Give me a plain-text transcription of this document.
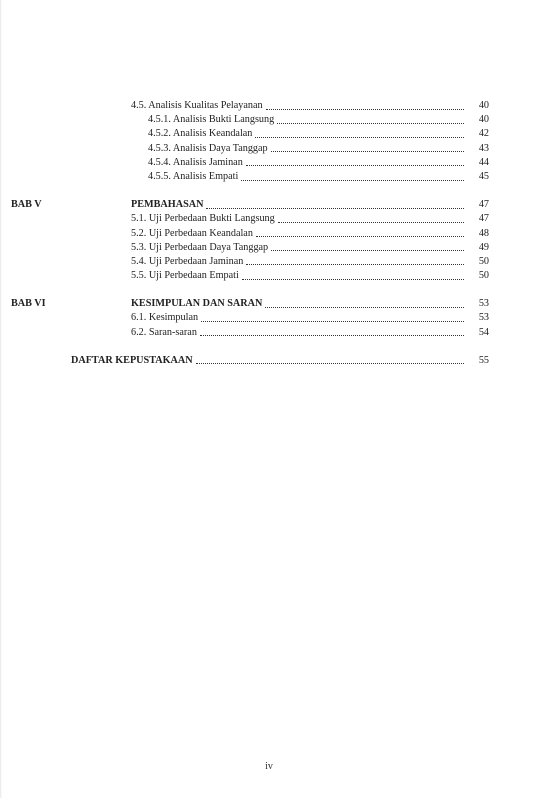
4.5. Analisis Kualitas Pelayanan	40
4.5.1. Analisis Bukti Langsung	40
4.5.2. Analisis Keandalan	42
4.5.3. Analisis Daya Tanggap	43
4.5.4. Analisis Jaminan	44
4.5.5. Analisis Empati	45
BAB V	PEMBAHASAN	47
5.1. Uji Perbedaan Bukti Langsung	47
5.2. Uji Perbedaan Keandalan	48
5.3. Uji Perbedaan Daya Tanggap	49
5.4. Uji Perbedaan Jaminan	50
5.5. Uji Perbedaan Empati	50
BAB VI	KESIMPULAN DAN SARAN	53
6.1. Kesimpulan	53
6.2. Saran-saran	54
DAFTAR KEPUSTAKAAN	55
iv
